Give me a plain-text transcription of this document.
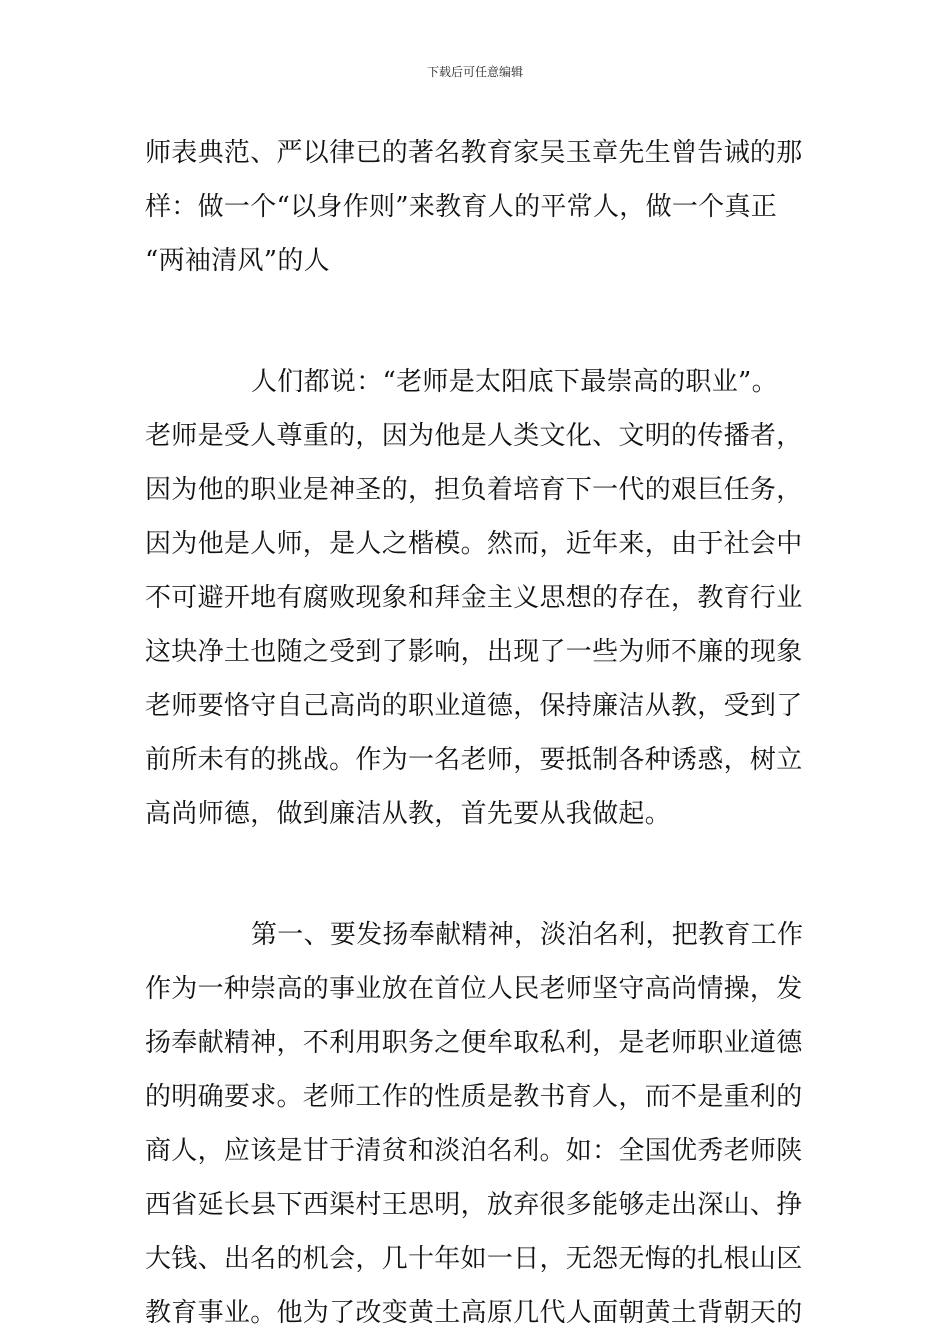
下载后可任意编辑
师表典范、严以律已的著名教育家吴玉章先生曾告诫的那
样：做一个“以身作则”来教育人的平常人，做一个真正
“两袖清风”的人
人们都说：“老师是太阳底下最崇高的职业”。
老师是受人尊重的，因为他是人类文化、文明的传播者，
因为他的职业是神圣的，担负着培育下一代的艰巨任务，
因为他是人师，是人之楷模。然而，近年来，由于社会中
不可避开地有腐败现象和拜金主义思想的存在，教育行业
这块净土也随之受到了影响，出现了一些为师不廉的现象
老师要恪守自己高尚的职业道德，保持廉洁从教，受到了
前所未有的挑战。作为一名老师，要抵制各种诱惑，树立
高尚师德，做到廉洁从教，首先要从我做起。
第一、要发扬奉献精神，淡泊名利，把教育工作
作为一种崇高的事业放在首位人民老师坚守高尚情操，发
扬奉献精神，不利用职务之便牟取私利，是老师职业道德
的明确要求。老师工作的性质是教书育人，而不是重利的
商人，应该是甘于清贫和淡泊名利。如：全国优秀老师陕
西省延长县下西渠村王思明，放弃很多能够走出深山、挣
大钱、出名的机会，几十年如一日，无怨无悔的扎根山区
教育事业。他为了改变黄土高原几代人面朝黄土背朝天的
